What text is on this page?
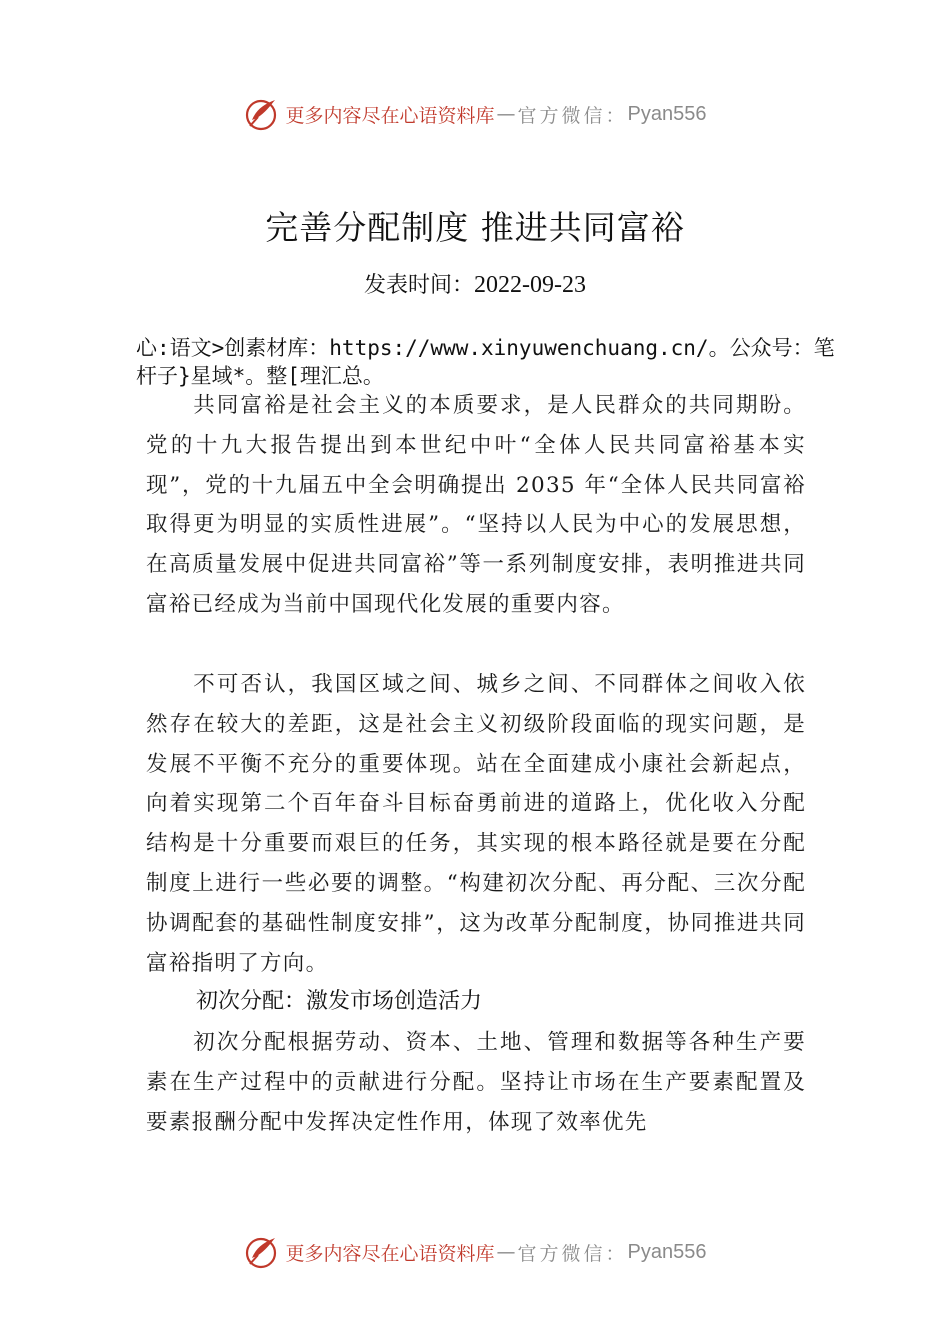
更多内容尽在心语资料库 — 官方微信： Pyan556
完善分配制度 推进共同富裕
发表时间：2022-09-23
心:语文>创素材库：https://www.xinyuwenchuang.cn/。公众号：笔杆子}星域*。整[理汇总。

共同富裕是社会主义的本质要求，是人民群众的共同期盼。党的十九大报告提出到本世纪中叶“全体人民共同富裕基本实现”，党的十九届五中全会明确提出 2035 年“全体人民共同富裕取得更为明显的实质性进展”。“坚持以人民为中心的发展思想，在高质量发展中促进共同富裕”等一系列制度安排，表明推进共同富裕已经成为当前中国现代化发展的重要内容。

不可否认，我国区域之间、城乡之间、不同群体之间收入依然存在较大的差距，这是社会主义初级阶段面临的现实问题，是发展不平衡不充分的重要体现。站在全面建成小康社会新起点，向着实现第二个百年奋斗目标奋勇前进的道路上，优化收入分配结构是十分重要而艰巨的任务，其实现的根本路径就是要在分配制度上进行一些必要的调整。“构建初次分配、再分配、三次分配协调配套的基础性制度安排”，这为改革分配制度，协同推进共同富裕指明了方向。

初次分配：激发市场创造活力

初次分配根据劳动、资本、土地、管理和数据等各种生产要素在生产过程中的贡献进行分配。坚持让市场在生产要素配置及要素报酬分配中发挥决定性作用，体现了效率优先

更多内容尽在心语资料库 — 官方微信： Pyan556
